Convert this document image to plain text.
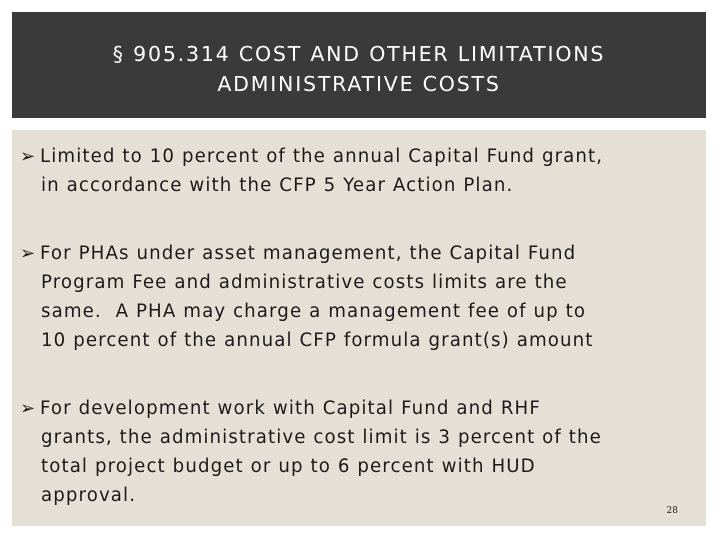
§ 905.314 COST AND OTHER LIMITATIONS
ADMINISTRATIVE COSTS
➢ Limited to 10 percent of the annual Capital Fund grant,
in accordance with the CFP 5 Year Action Plan.
➢ For PHAs under asset management, the Capital Fund
Program Fee and administrative costs limits are the
same.  A PHA may charge a management fee of up to
10 percent of the annual CFP formula grant(s) amount
➢ For development work with Capital Fund and RHF
grants, the administrative cost limit is 3 percent of the
total project budget or up to 6 percent with HUD
approval.
28
